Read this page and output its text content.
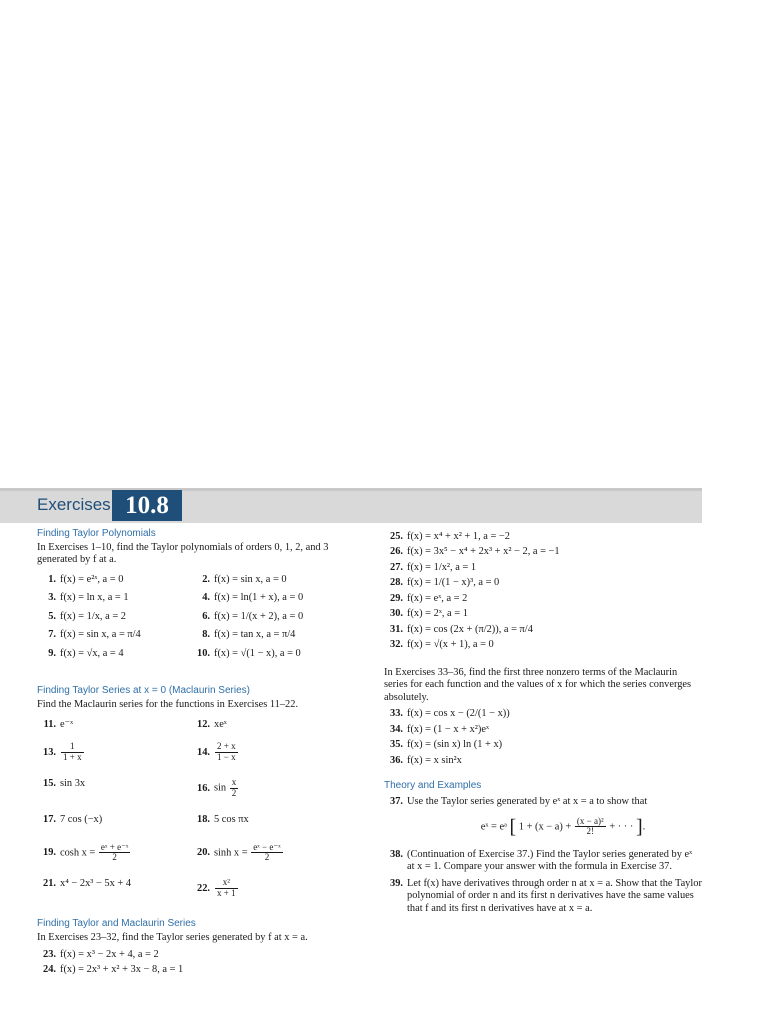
Exercises 10.8
Finding Taylor Polynomials
In Exercises 1–10, find the Taylor polynomials of orders 0, 1, 2, and 3 generated by f at a.
1. f(x) = e²ˣ, a = 0	2. f(x) = sin x, a = 0
3. f(x) = ln x, a = 1	4. f(x) = ln(1 + x), a = 0
5. f(x) = 1/x, a = 2	6. f(x) = 1/(x + 2), a = 0
7. f(x) = sin x, a = π/4	8. f(x) = tan x, a = π/4
9. f(x) = √x, a = 4	10. f(x) = √(1 − x), a = 0
Finding Taylor Series at x = 0 (Maclaurin Series)
Find the Maclaurin series for the functions in Exercises 11–22.
11. e⁻ˣ	12. xeˣ
13. $\frac{1}{1 + x}$	14. $\frac{2 + x}{1 - x}$
15. sin 3x	16. $\sin \frac{x}{2}$
17. 7 cos (−x)	18. 5 cos πx
19. $\cosh x = \frac{\text{eˣ + e⁻ˣ}}{2}$	20. $\sinh x = \frac{\text{eˣ − e⁻ˣ}}{2}$
21. x⁴ − 2x³ − 5x + 4	22. $\frac{\text{x²}}{x + 1}$
Finding Taylor and Maclaurin Series
In Exercises 23–32, find the Taylor series generated by f at x = a.
23. f(x) = x³ − 2x + 4, a = 2
24. f(x) = 2x³ + x² + 3x − 8, a = 1
25. f(x) = x⁴ + x² + 1, a = −2
26. f(x) = 3x⁵ − x⁴ + 2x³ + x² − 2, a = −1
27. f(x) = 1/x², a = 1
28. f(x) = 1/(1 − x)³, a = 0
29. f(x) = eˣ, a = 2
30. f(x) = 2ˣ, a = 1
31. f(x) = cos (2x + (π/2)), a = π/4
32. f(x) = √(x + 1), a = 0
In Exercises 33–36, find the first three nonzero terms of the Maclaurin series for each function and the values of x for which the series converges absolutely.
33. f(x) = cos x − (2/(1 − x))
34. f(x) = (1 − x + x²)eˣ
35. f(x) = (sin x) ln (1 + x)
36. f(x) = x sin²x
Theory and Examples
37. Use the Taylor series generated by eˣ at x = a to show that
eˣ = eᵃ [ $1 + (x - a) + \frac{\text{(x − a)²}}{2!}$ + · · · ].
38. (Continuation of Exercise 37.) Find the Taylor series generated by eˣ at x = 1. Compare your answer with the formula in Exercise 37.
39. Let f(x) have derivatives through order n at x = a. Show that the Taylor polynomial of order n and its first n derivatives have the same values that f and its first n derivatives have at x = a.
